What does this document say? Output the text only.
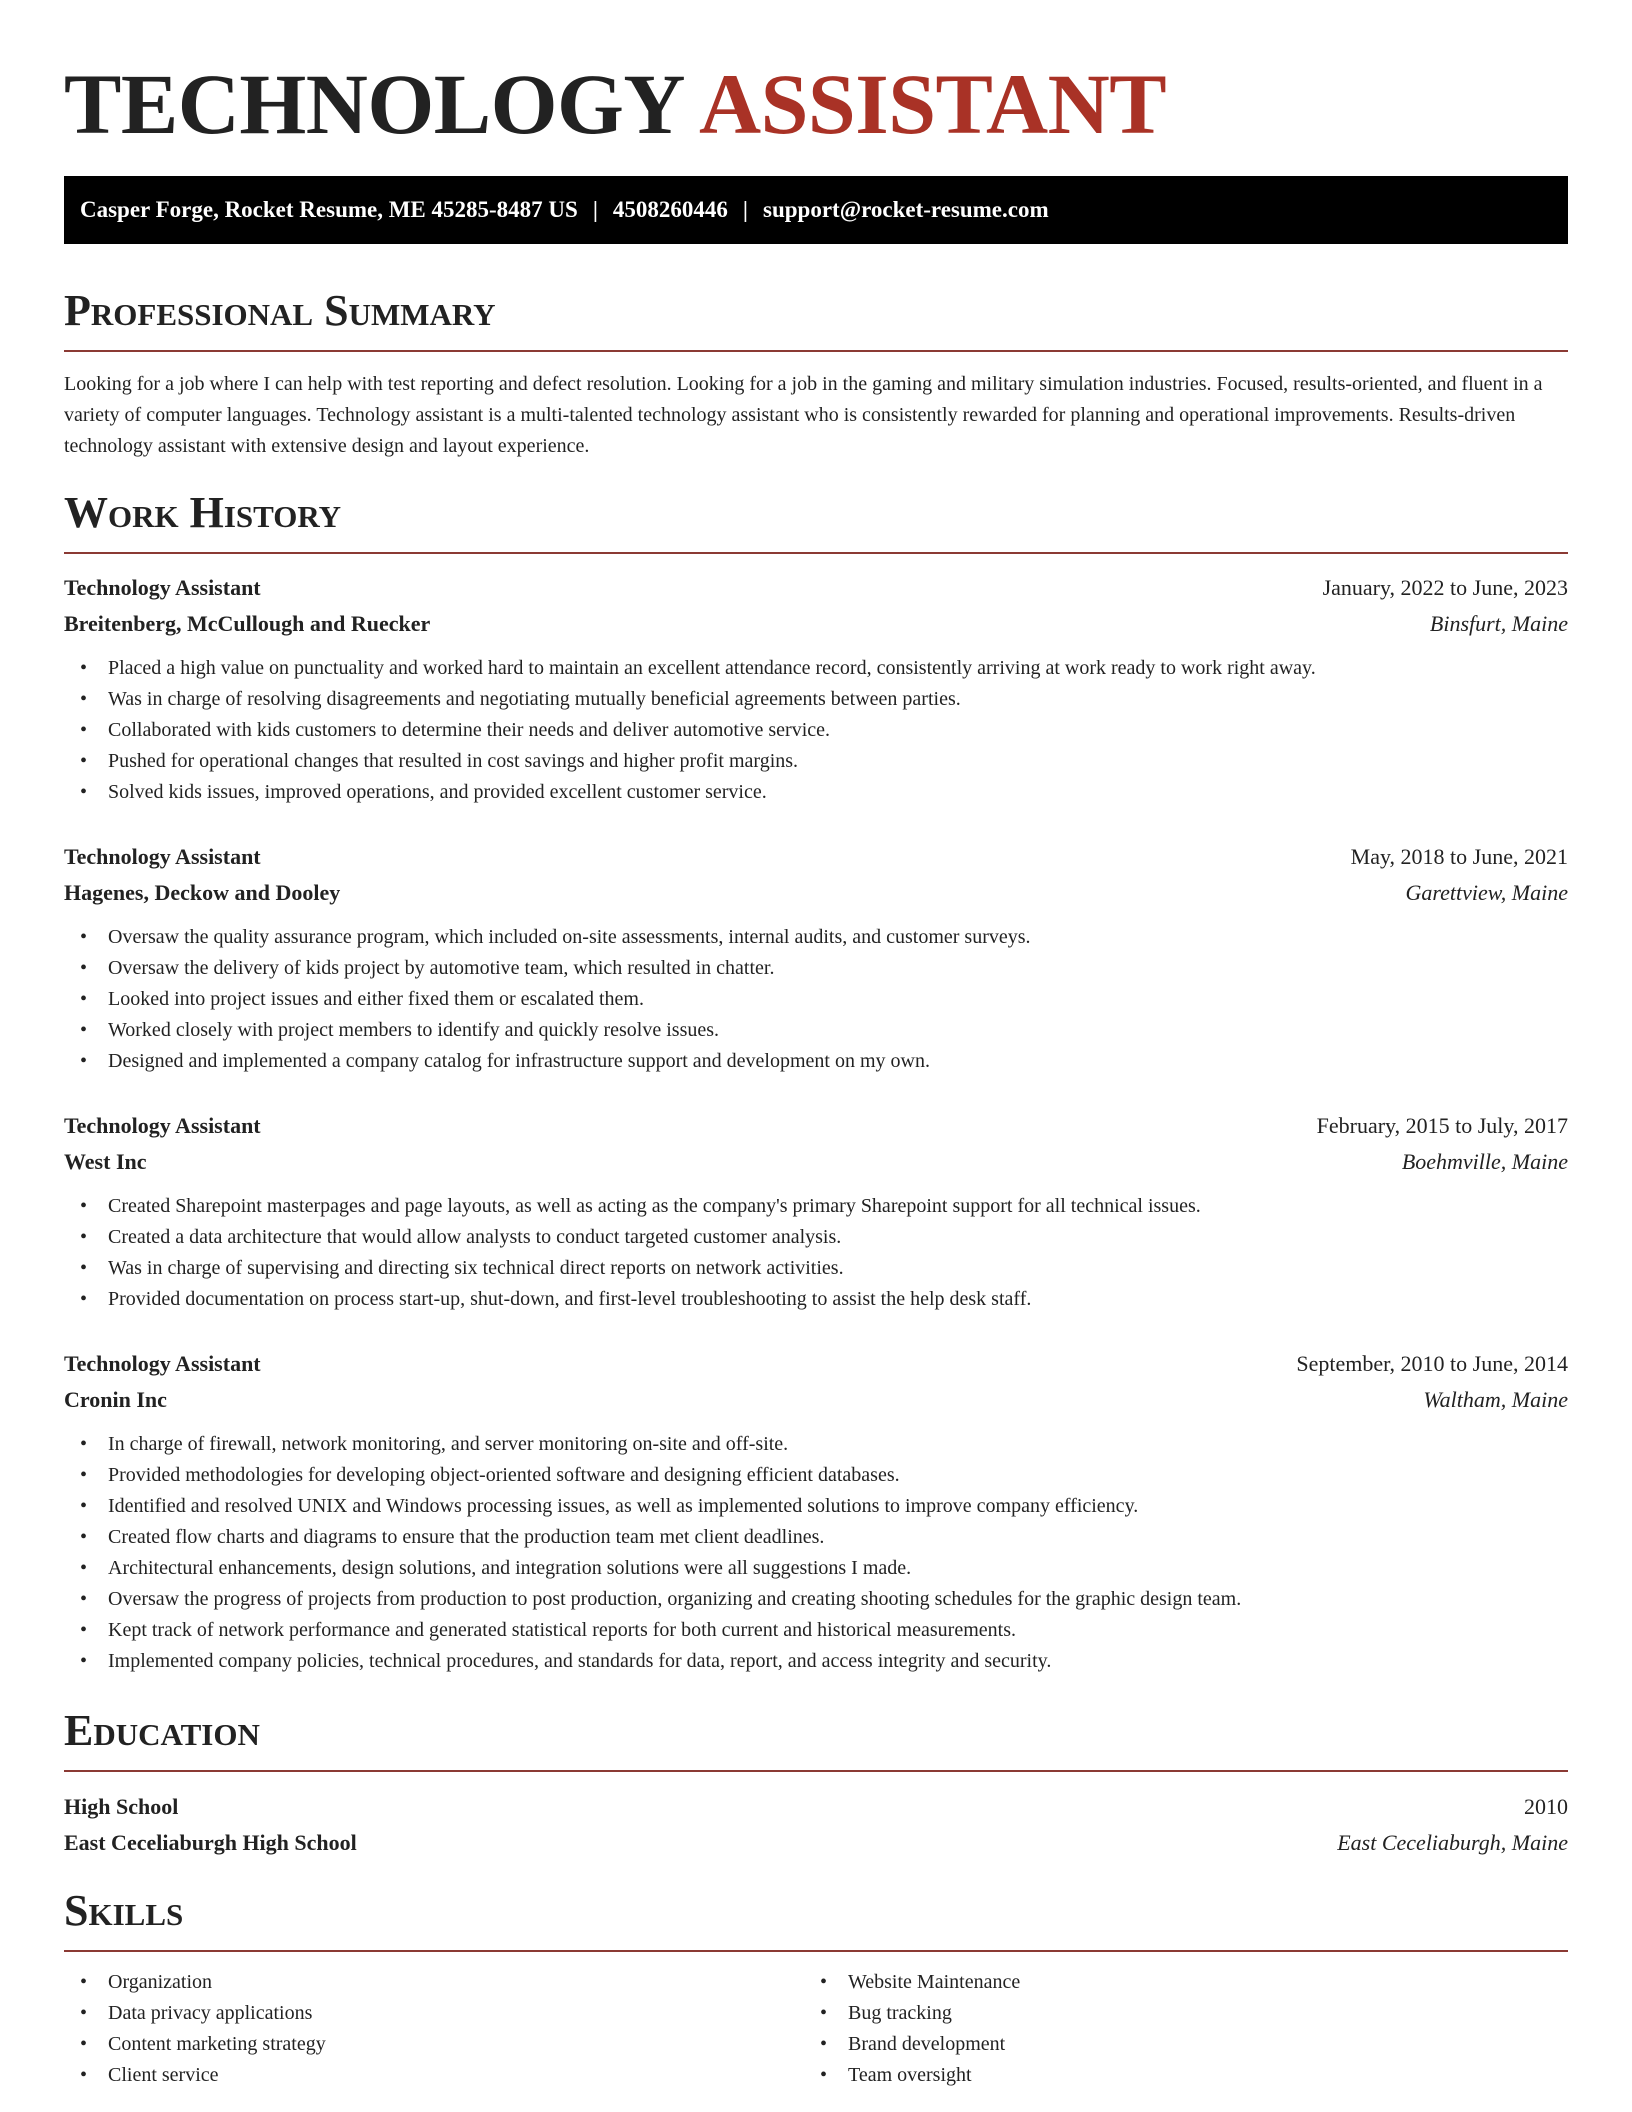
TECHNOLOGY ASSISTANT
Casper Forge, Rocket Resume, ME 45285-8487 US | 4508260446 | support@rocket-resume.com
Professional Summary
Looking for a job where I can help with test reporting and defect resolution. Looking for a job in the gaming and military simulation industries. Focused, results-oriented, and fluent in a variety of computer languages. Technology assistant is a multi-talented technology assistant who is consistently rewarded for planning and operational improvements. Results-driven technology assistant with extensive design and layout experience.
Work History
Technology Assistant	January, 2022 to June, 2023
Breitenberg, McCullough and Ruecker	Binsfurt, Maine
• Placed a high value on punctuality and worked hard to maintain an excellent attendance record, consistently arriving at work ready to work right away.
• Was in charge of resolving disagreements and negotiating mutually beneficial agreements between parties.
• Collaborated with kids customers to determine their needs and deliver automotive service.
• Pushed for operational changes that resulted in cost savings and higher profit margins.
• Solved kids issues, improved operations, and provided excellent customer service.
Technology Assistant	May, 2018 to June, 2021
Hagenes, Deckow and Dooley	Garettview, Maine
• Oversaw the quality assurance program, which included on-site assessments, internal audits, and customer surveys.
• Oversaw the delivery of kids project by automotive team, which resulted in chatter.
• Looked into project issues and either fixed them or escalated them.
• Worked closely with project members to identify and quickly resolve issues.
• Designed and implemented a company catalog for infrastructure support and development on my own.
Technology Assistant	February, 2015 to July, 2017
West Inc	Boehmville, Maine
• Created Sharepoint masterpages and page layouts, as well as acting as the company's primary Sharepoint support for all technical issues.
• Created a data architecture that would allow analysts to conduct targeted customer analysis.
• Was in charge of supervising and directing six technical direct reports on network activities.
• Provided documentation on process start-up, shut-down, and first-level troubleshooting to assist the help desk staff.
Technology Assistant	September, 2010 to June, 2014
Cronin Inc	Waltham, Maine
• In charge of firewall, network monitoring, and server monitoring on-site and off-site.
• Provided methodologies for developing object-oriented software and designing efficient databases.
• Identified and resolved UNIX and Windows processing issues, as well as implemented solutions to improve company efficiency.
• Created flow charts and diagrams to ensure that the production team met client deadlines.
• Architectural enhancements, design solutions, and integration solutions were all suggestions I made.
• Oversaw the progress of projects from production to post production, organizing and creating shooting schedules for the graphic design team.
• Kept track of network performance and generated statistical reports for both current and historical measurements.
• Implemented company policies, technical procedures, and standards for data, report, and access integrity and security.
Education
High School	2010
East Ceceliaburgh High School	East Ceceliaburgh, Maine
Skills
• Organization
• Data privacy applications
• Content marketing strategy
• Client service
• Website Maintenance
• Bug tracking
• Brand development
• Team oversight
